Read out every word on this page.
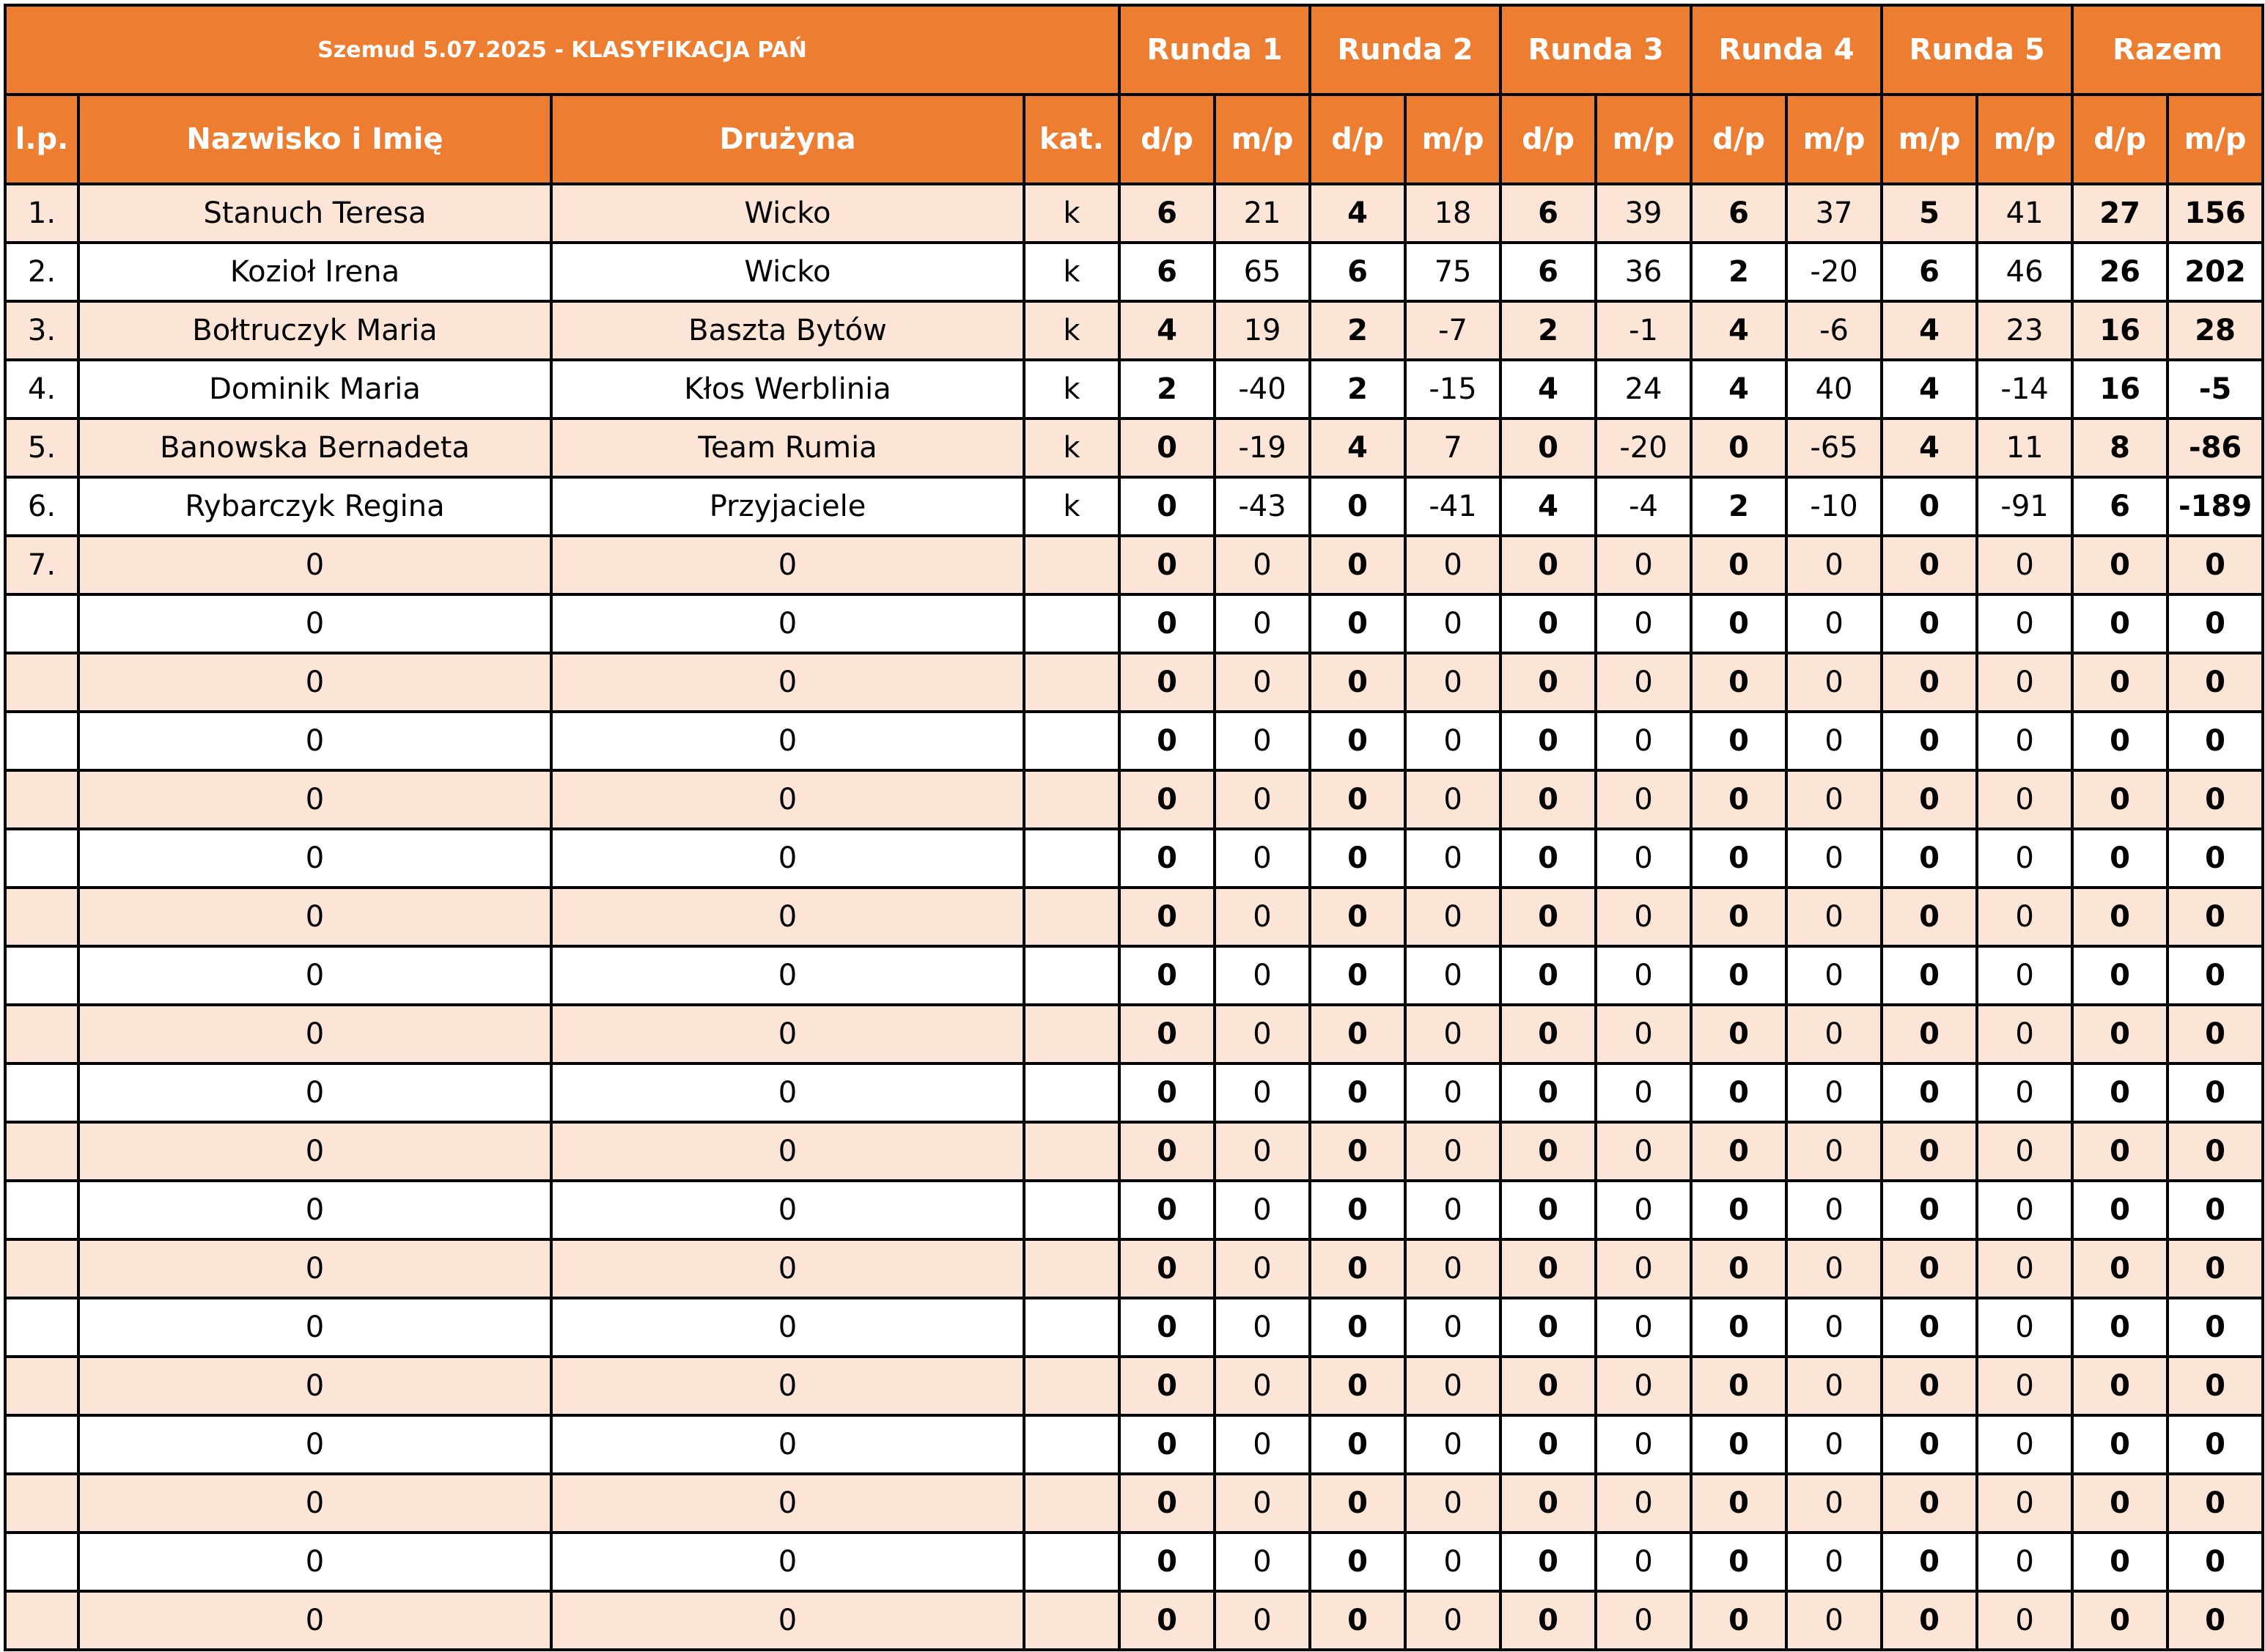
Szemud 5.07.2025 - KLASYFIKACJA PAŃ				Runda 1		Runda 2		Runda 3		Runda 4		Runda 5		Razem	
l.p.	Nazwisko i Imię	Drużyna	kat.	d/p	m/p	d/p	m/p	d/p	m/p	d/p	m/p	m/p	m/p	d/p	m/p
1.	Stanuch Teresa	Wicko	k	6	21	4	18	6	39	6	37	5	41	27	156
2.	Kozioł Irena	Wicko	k	6	65	6	75	6	36	2	-20	6	46	26	202
3.	Bołtruczyk Maria	Baszta Bytów	k	4	19	2	-7	2	-1	4	-6	4	23	16	28
4.	Dominik Maria	Kłos Werblinia	k	2	-40	2	-15	4	24	4	40	4	-14	16	-5
5.	Banowska Bernadeta	Team Rumia	k	0	-19	4	7	0	-20	0	-65	4	11	8	-86
6.	Rybarczyk Regina	Przyjaciele	k	0	-43	0	-41	4	-4	2	-10	0	-91	6	-189
7.	0	0		0	0	0	0	0	0	0	0	0	0	0	0
	0	0		0	0	0	0	0	0	0	0	0	0	0	0
	0	0		0	0	0	0	0	0	0	0	0	0	0	0
	0	0		0	0	0	0	0	0	0	0	0	0	0	0
	0	0		0	0	0	0	0	0	0	0	0	0	0	0
	0	0		0	0	0	0	0	0	0	0	0	0	0	0
	0	0		0	0	0	0	0	0	0	0	0	0	0	0
	0	0		0	0	0	0	0	0	0	0	0	0	0	0
	0	0		0	0	0	0	0	0	0	0	0	0	0	0
	0	0		0	0	0	0	0	0	0	0	0	0	0	0
	0	0		0	0	0	0	0	0	0	0	0	0	0	0
	0	0		0	0	0	0	0	0	0	0	0	0	0	0
	0	0		0	0	0	0	0	0	0	0	0	0	0	0
	0	0		0	0	0	0	0	0	0	0	0	0	0	0
	0	0		0	0	0	0	0	0	0	0	0	0	0	0
	0	0		0	0	0	0	0	0	0	0	0	0	0	0
	0	0		0	0	0	0	0	0	0	0	0	0	0	0
	0	0		0	0	0	0	0	0	0	0	0	0	0	0
	0	0		0	0	0	0	0	0	0	0	0	0	0	0
